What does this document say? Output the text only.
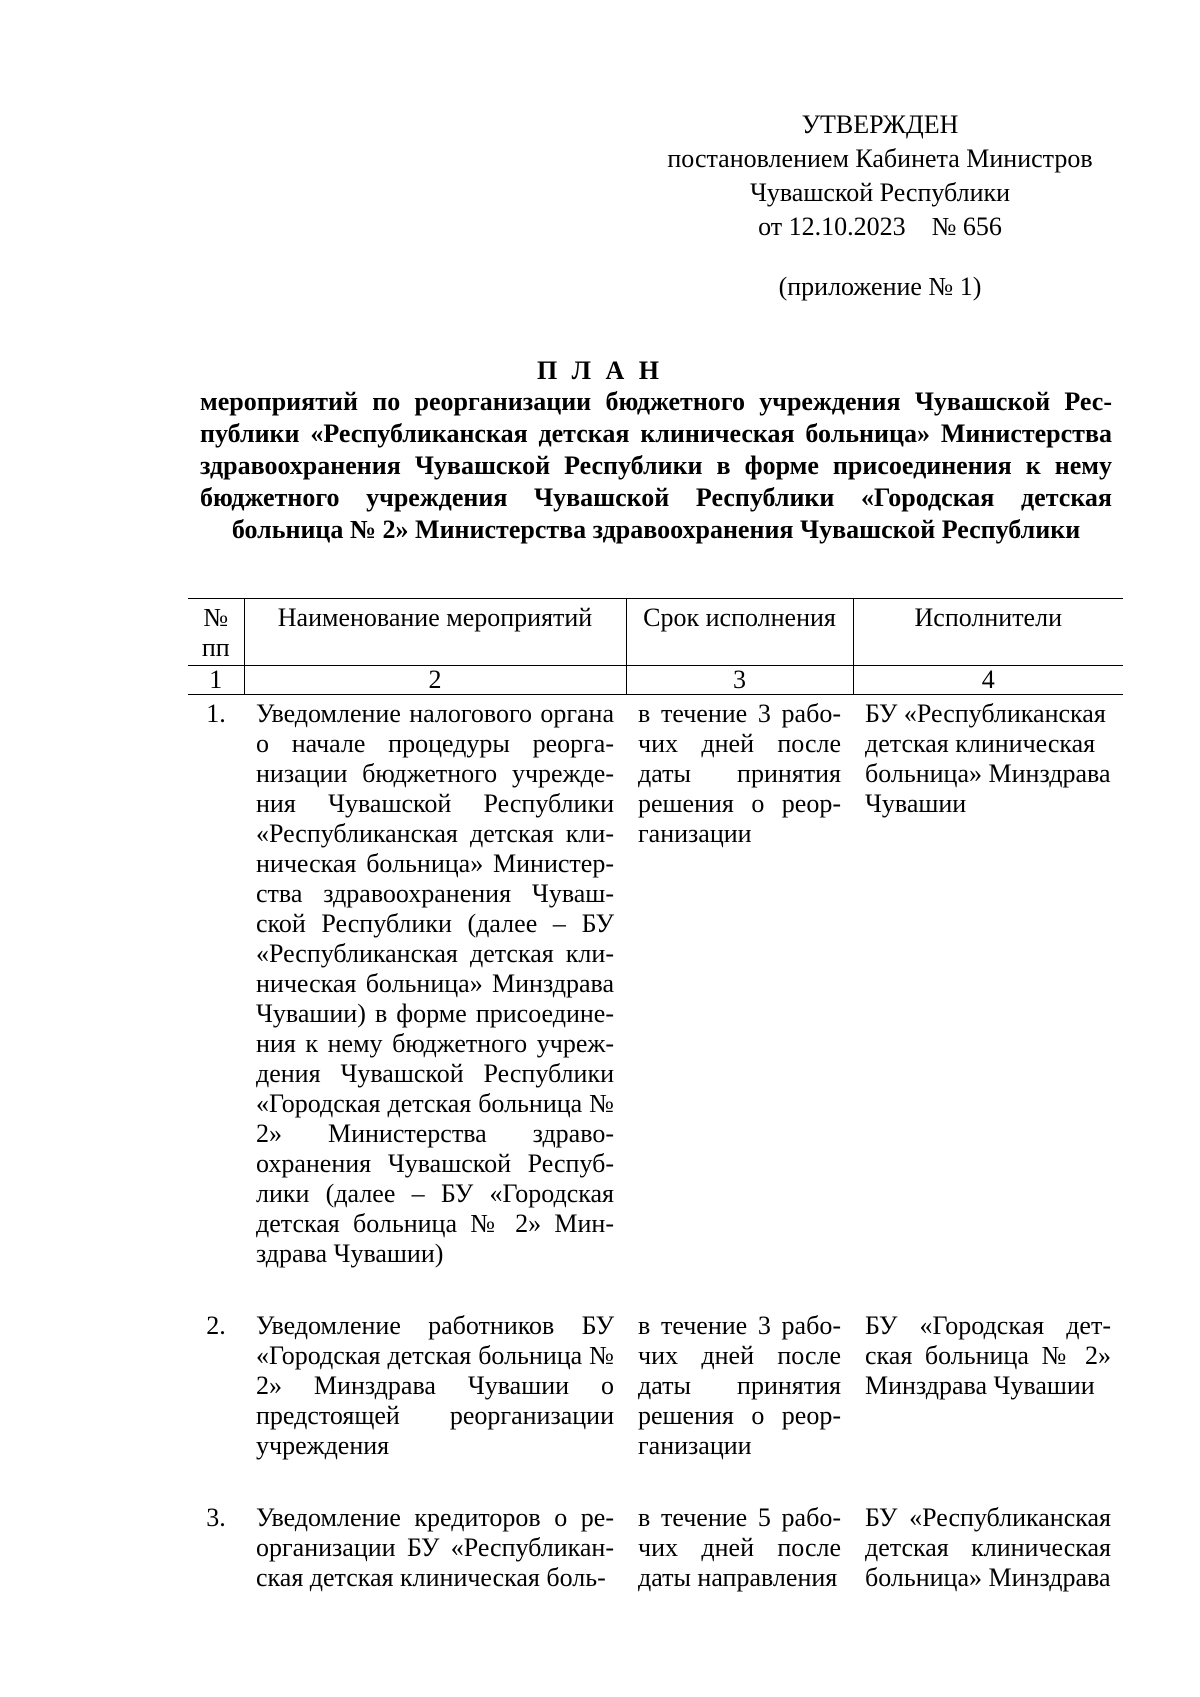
УТВЕРЖДЕН
постановлением Кабинета Министров
Чувашской Республики
от 12.10.2023    № 656
(приложение № 1)
П Л А Н
мероприятий по реорганизации бюджетного учреждения Чувашской Республики «Республиканская детская клиническая больница» Министерства здравоохранения Чувашской Республики в форме присоединения к нему бюджетного учреждения Чувашской Республики «Городская детская больница № 2» Министерства здравоохранения Чувашской Республики
№ пп	Наименование мероприятий	Срок исполнения	Исполнители
1	2	3	4
1.	Уведомление налогового органа о начале процедуры реорганизации бюджетного учреждения Чувашской Республики «Республиканская детская клиническая больница» Министерства здравоохранения Чувашской Республики (далее – БУ «Республиканская детская клиническая больница» Минздрава Чувашии) в форме присоединения к нему бюджетного учреждения Чувашской Республики «Городская детская больница № 2» Министерства здравоохранения Чувашской Республики (далее – БУ «Городская детская больница № 2» Минздрава Чувашии)	в течение 3 рабочих дней после даты принятия решения о реорганизации	БУ «Республиканская детская клиническая больница» Минздрава Чувашии
2.	Уведомление работников БУ «Городская детская больница № 2» Минздрава Чувашии о предстоящей реорганизации учреждения	в течение 3 рабочих дней после даты принятия решения о реорганизации	БУ «Городская детская больница № 2» Минздрава Чувашии
3.	Уведомление кредиторов о реорганизации БУ «Республиканская детская клиническая боль-	в течение 5 рабочих дней после даты направления	БУ «Республиканская детская клиническая больница» Минздрава
